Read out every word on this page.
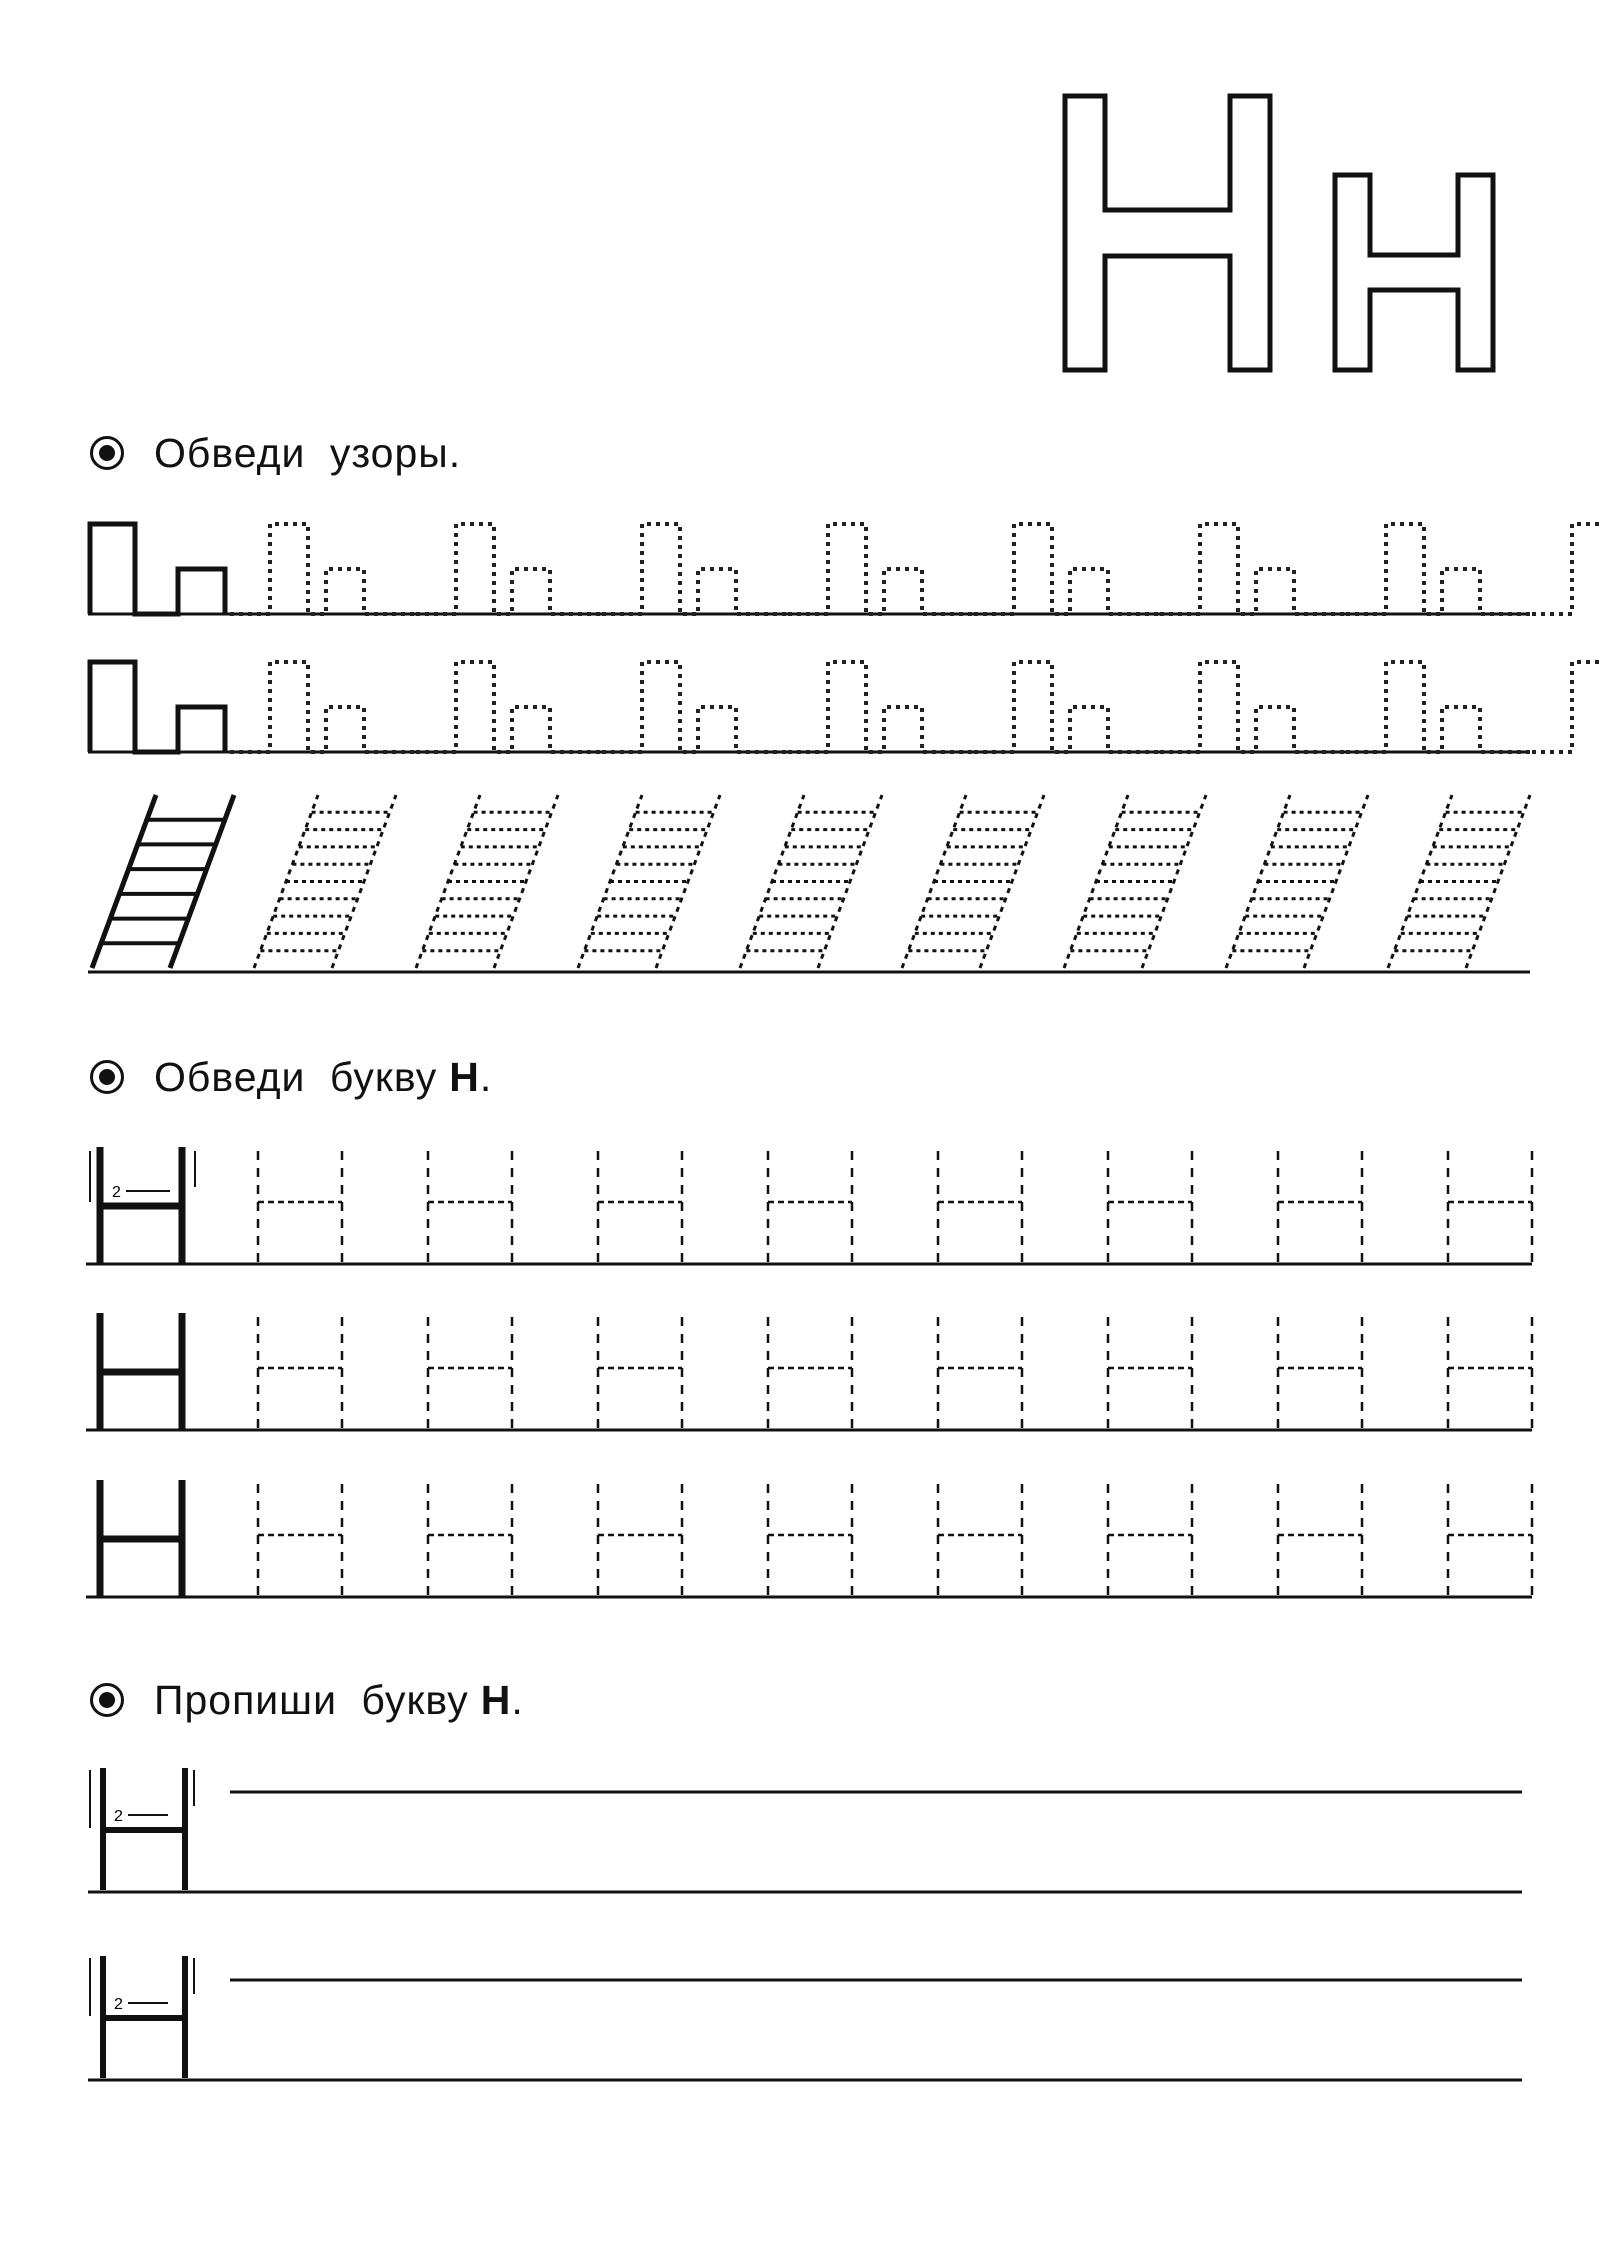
2
2
2
Обведи узоры.
Обведи букву Н .
Пропиши букву Н .
